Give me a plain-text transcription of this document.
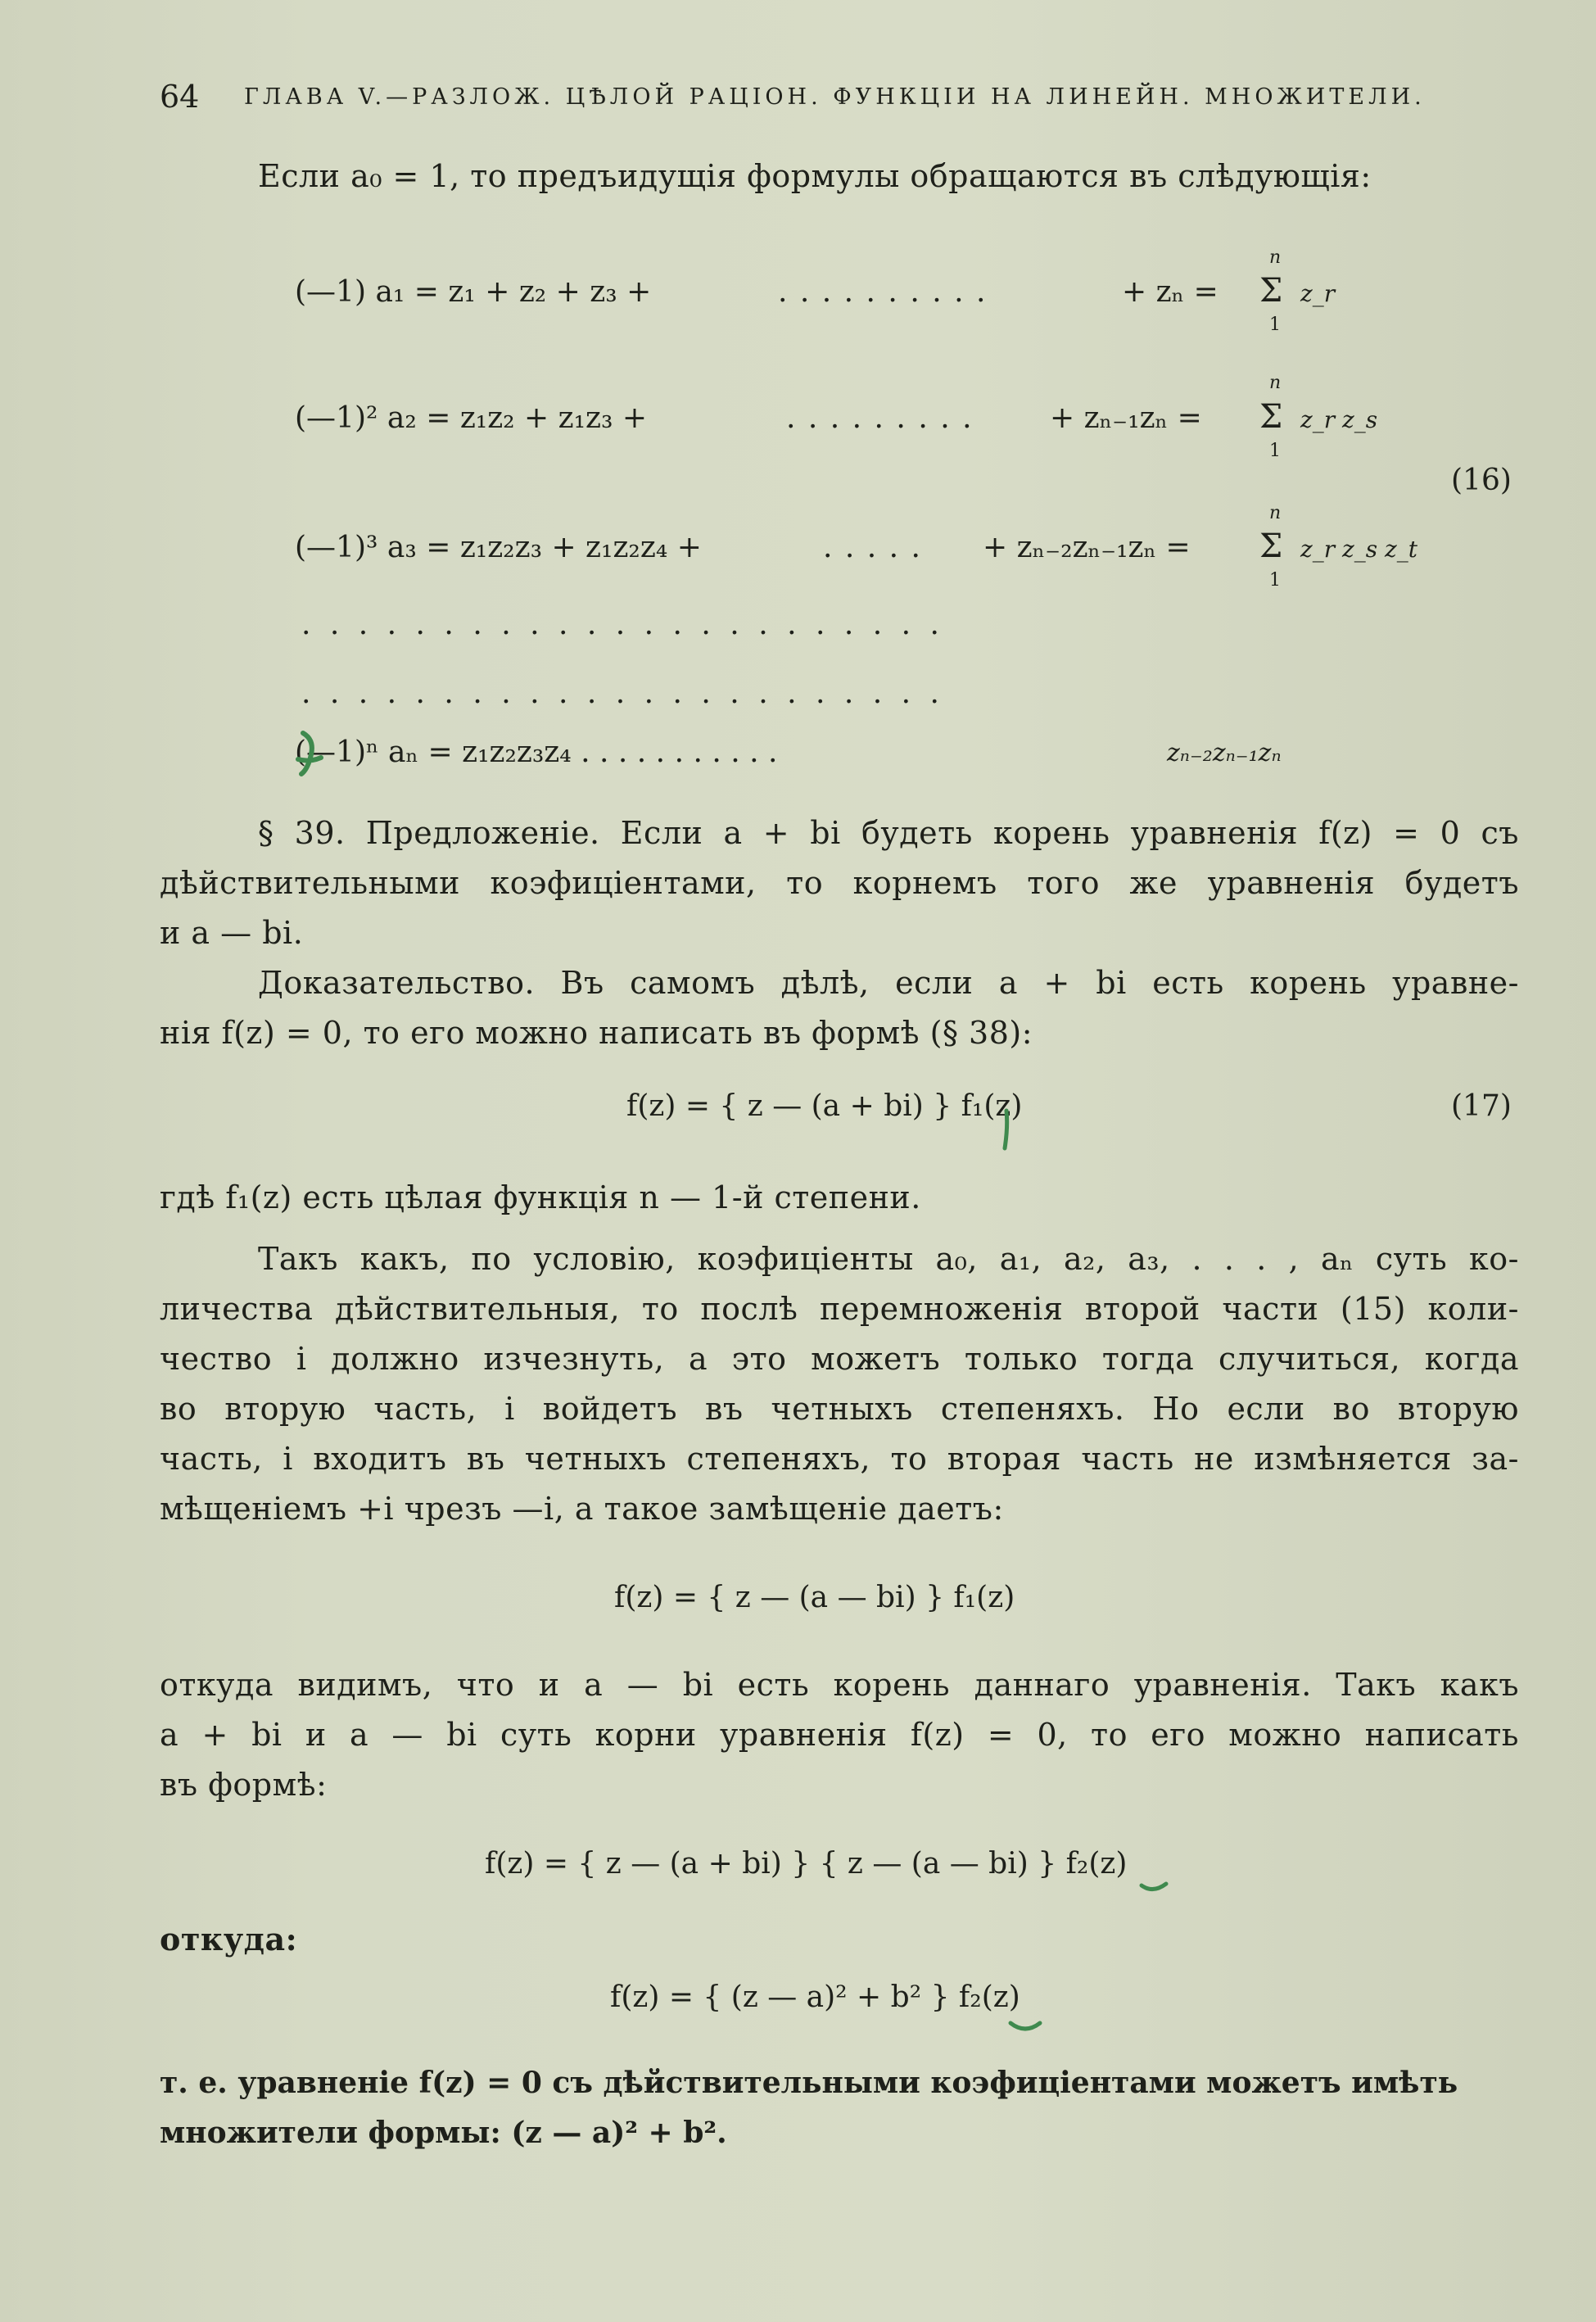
64 ГЛАВА V.—РАЗЛОЖ. ЦѢЛОЙ РАЦІОН. ФУНКЦІИ НА ЛИНЕЙН. МНОЖИТЕЛИ.
Если a₀ = 1, то предъидущія формулы обращаются въ слѣдующія:
(—1) a₁ = z₁ + z₂ + z₃ +	. . . . . . . . . .	+ zₙ =
n
Σ
1
z_r
(—1)² a₂ = z₁z₂ + z₁z₃ +	. . . . . . . . .	+ zₙ₋₁zₙ =
n
Σ
1
z_r z_s
(16)
(—1)³ a₃ = z₁z₂z₃ + z₁z₂z₄ +	. . . . . + zₙ₋₂zₙ₋₁zₙ =
n
Σ
1
z_r z_s z_t
. . . . . . . . . . . . . . . . . . . . . . .
. . . . . . . . . . . . . . . . . . . . . . .
(—1)ⁿ aₙ = z₁z₂z₃z₄ . . . . . . . . . . .	zₙ₋₂zₙ₋₁zₙ
§ 39. Предложеніе. Если a + bi будеть корень уравненія f(z) = 0 съ
дѣйствительными коэфиціентами, то корнемъ того же уравненія будетъ
и a — bi.
Доказательство. Въ самомъ дѣлѣ, если a + bi есть корень уравне-
нія f(z) = 0, то его можно написать въ формѣ (§ 38):
f(z) = { z — (a + bi) } f₁(z)	(17)
гдѣ f₁(z) есть цѣлая функція n — 1-й степени.
Такъ какъ, по условію, коэфиціенты a₀, a₁, a₂, a₃, . . . , aₙ суть ко-
личества дѣйствительныя, то послѣ перемноженія второй части (15) коли-
чество i должно изчезнуть, а это можетъ только тогда случиться, когда
во вторую часть, i войдетъ въ четныхъ степеняхъ. Но если во вторую
часть, i входитъ въ четныхъ степеняхъ, то вторая часть не измѣняется за-
мѣщеніемъ +i чрезъ —i, а такое замѣщеніе даетъ:
f(z) = { z — (a — bi) } f₁(z)
откуда видимъ, что и a — bi есть корень даннаго уравненія. Такъ какъ
a + bi и a — bi суть корни уравненія f(z) = 0, то его можно написать
въ формѣ:
f(z) = { z — (a + bi) } { z — (a — bi) } f₂(z)
откуда:
f(z) = { (z — a)² + b² } f₂(z)
т. е. уравненіе f(z) = 0 съ дѣйствительными коэфиціентами можетъ имѣть
множители формы: (z — a)² + b².
